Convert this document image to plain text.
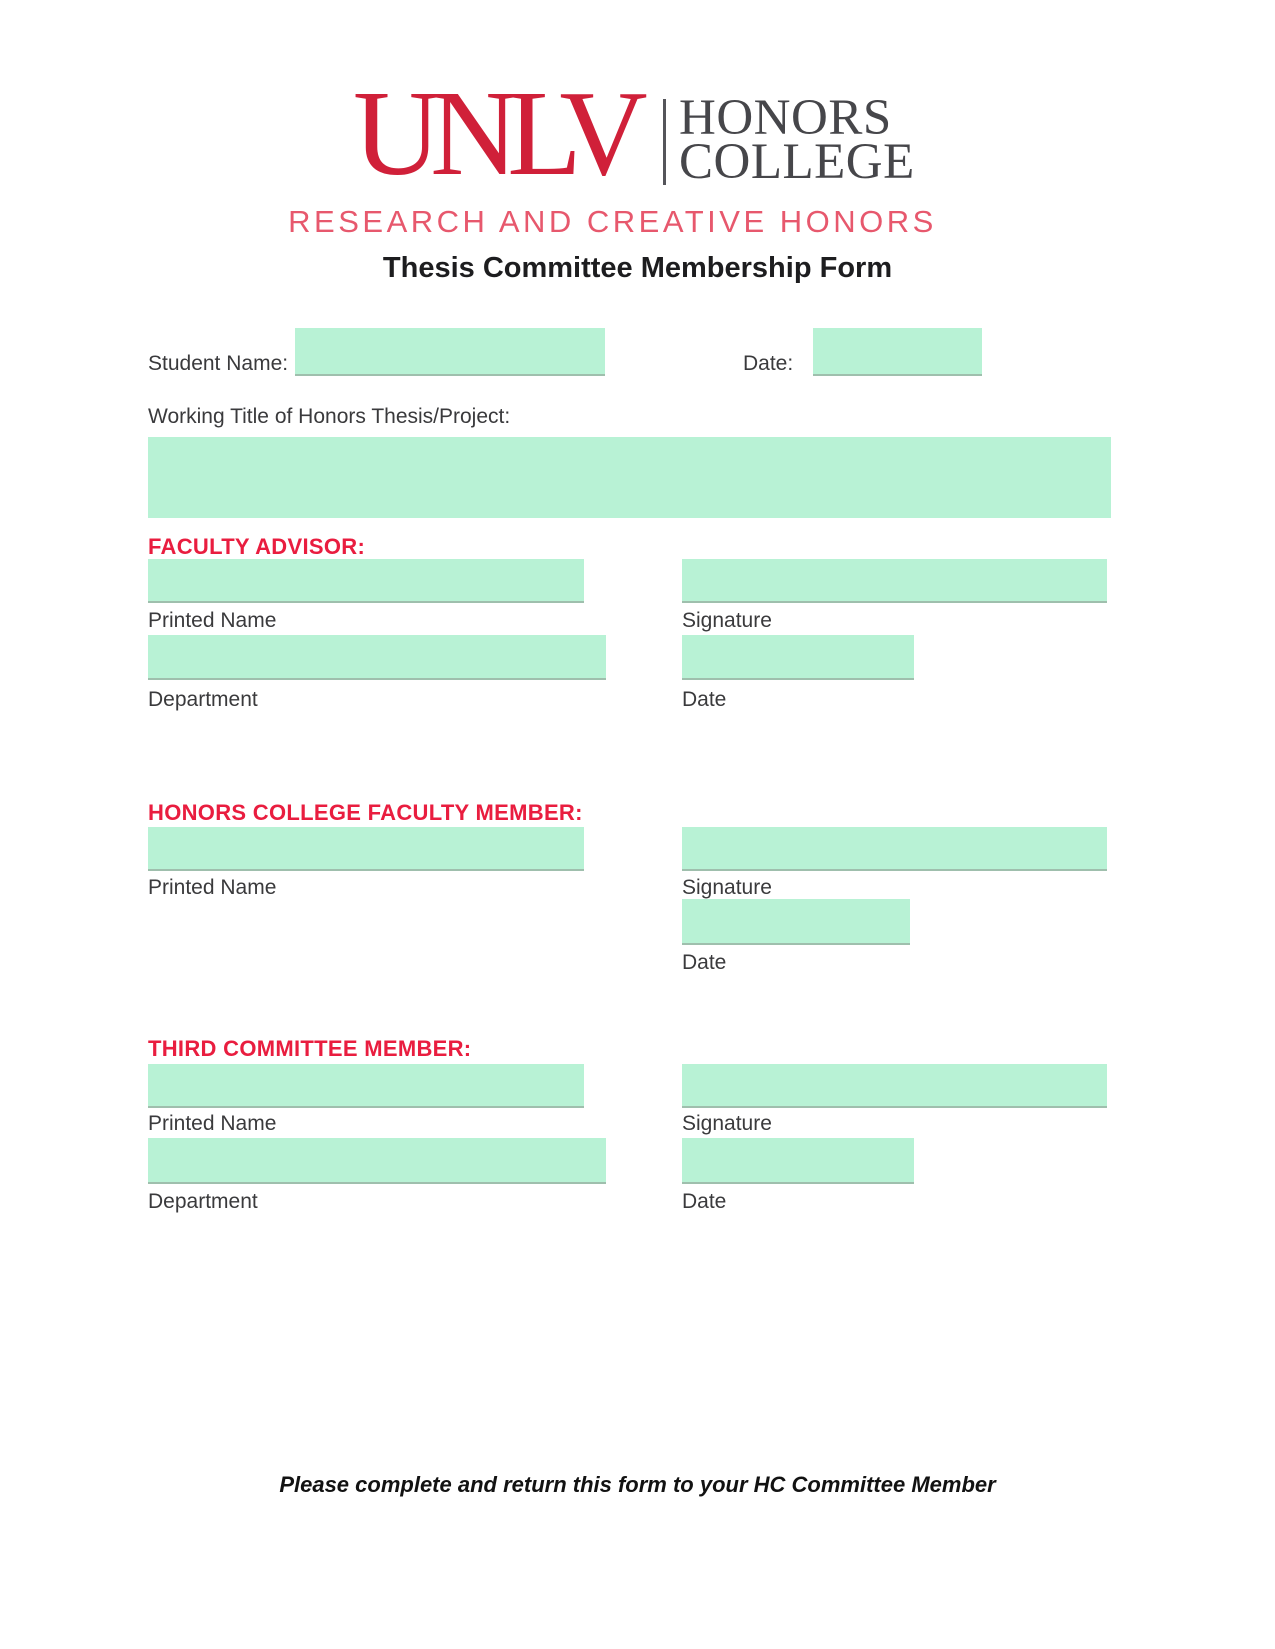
UNLV HONORS
COLLEGE
RESEARCH AND CREATIVE HONORS
Thesis Committee Membership Form
Student Name:	Date:
Working Title of Honors Thesis/Project:
FACULTY ADVISOR:
Printed Name	Signature
Department	Date
HONORS COLLEGE FACULTY MEMBER:
Printed Name	Signature
Date
THIRD COMMITTEE MEMBER:
Printed Name	Signature
Department	Date
Please complete and return this form to your HC Committee Member
